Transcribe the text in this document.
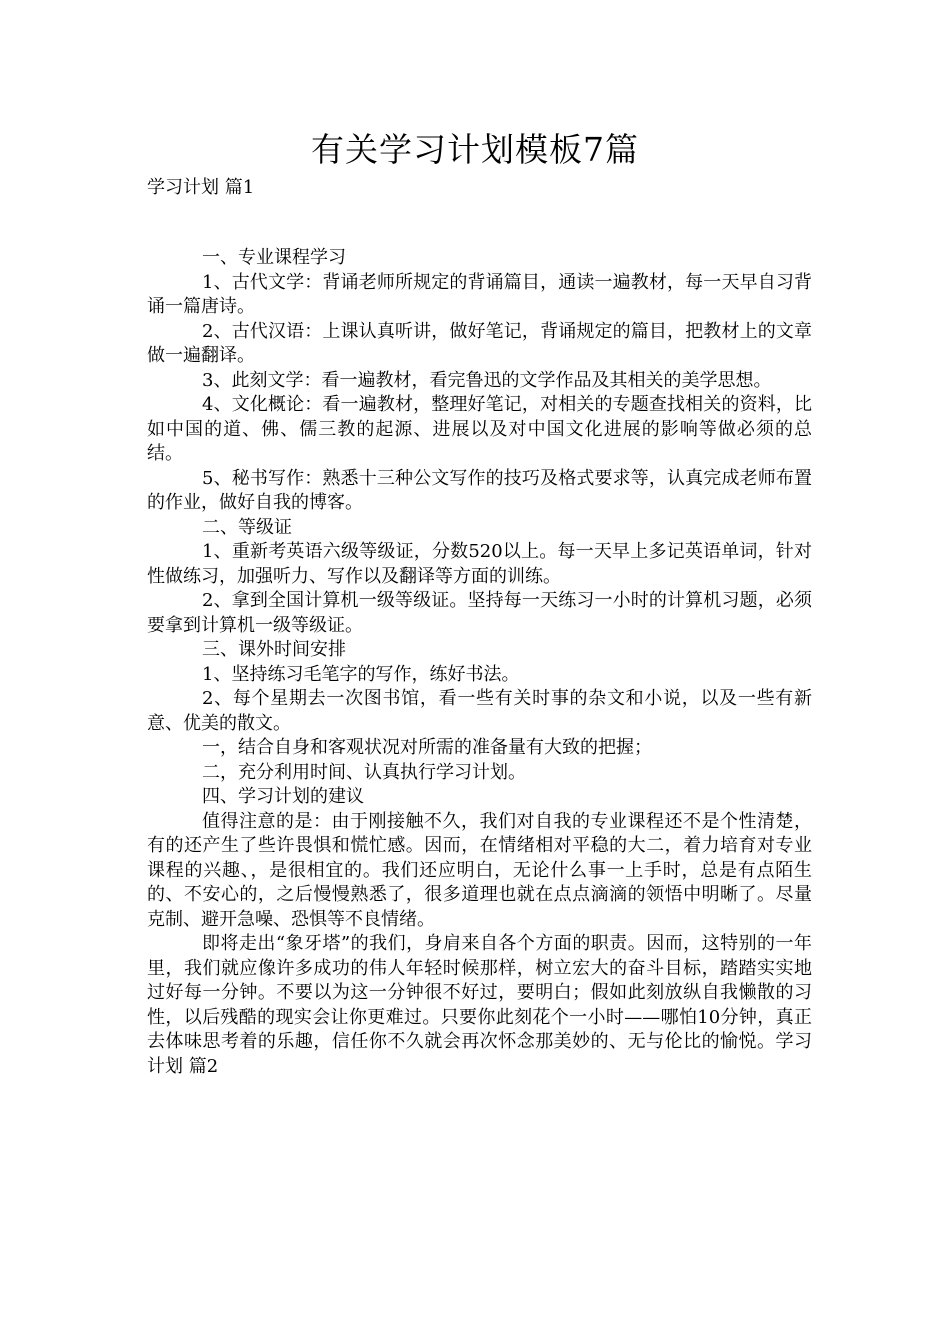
有关学习计划模板7篇
学习计划 篇1

一、专业课程学习

1、古代文学：背诵老师所规定的背诵篇目，通读一遍教材，每一天早自习背诵一篇唐诗。

2、古代汉语：上课认真听讲，做好笔记，背诵规定的篇目，把教材上的文章做一遍翻译。

3、此刻文学：看一遍教材，看完鲁迅的文学作品及其相关的美学思想。

4、文化概论：看一遍教材，整理好笔记，对相关的专题查找相关的资料，比如中国的道、佛、儒三教的起源、进展以及对中国文化进展的影响等做必须的总结。

5、秘书写作：熟悉十三种公文写作的技巧及格式要求等，认真完成老师布置的作业，做好自我的博客。

二、等级证

1、重新考英语六级等级证，分数520以上。每一天早上多记英语单词，针对性做练习，加强听力、写作以及翻译等方面的训练。

2、拿到全国计算机一级等级证。坚持每一天练习一小时的计算机习题，必须要拿到计算机一级等级证。

三、课外时间安排

1、坚持练习毛笔字的写作，练好书法。

2、每个星期去一次图书馆，看一些有关时事的杂文和小说，以及一些有新意、优美的散文。

一，结合自身和客观状况对所需的准备量有大致的把握；

二，充分利用时间、认真执行学习计划。

四、学习计划的建议

值得注意的是：由于刚接触不久，我们对自我的专业课程还不是个性清楚，有的还产生了些许畏惧和慌忙感。因而，在情绪相对平稳的大二，着力培育对专业课程的兴趣、，是很相宜的。我们还应明白，无论什么事一上手时，总是有点陌生的、不安心的，之后慢慢熟悉了，很多道理也就在点点滴滴的领悟中明晰了。尽量克制、避开急噪、恐惧等不良情绪。

即将走出“象牙塔”的我们，身肩来自各个方面的职责。因而，这特别的一年里，我们就应像许多成功的伟人年轻时候那样，树立宏大的奋斗目标，踏踏实实地过好每一分钟。不要以为这一分钟很不好过，要明白；假如此刻放纵自我懒散的习性，以后残酷的现实会让你更难过。只要你此刻花个一小时——哪怕10分钟，真正去体味思考着的乐趣，信任你不久就会再次怀念那美妙的、无与伦比的愉悦。学习计划 篇2
